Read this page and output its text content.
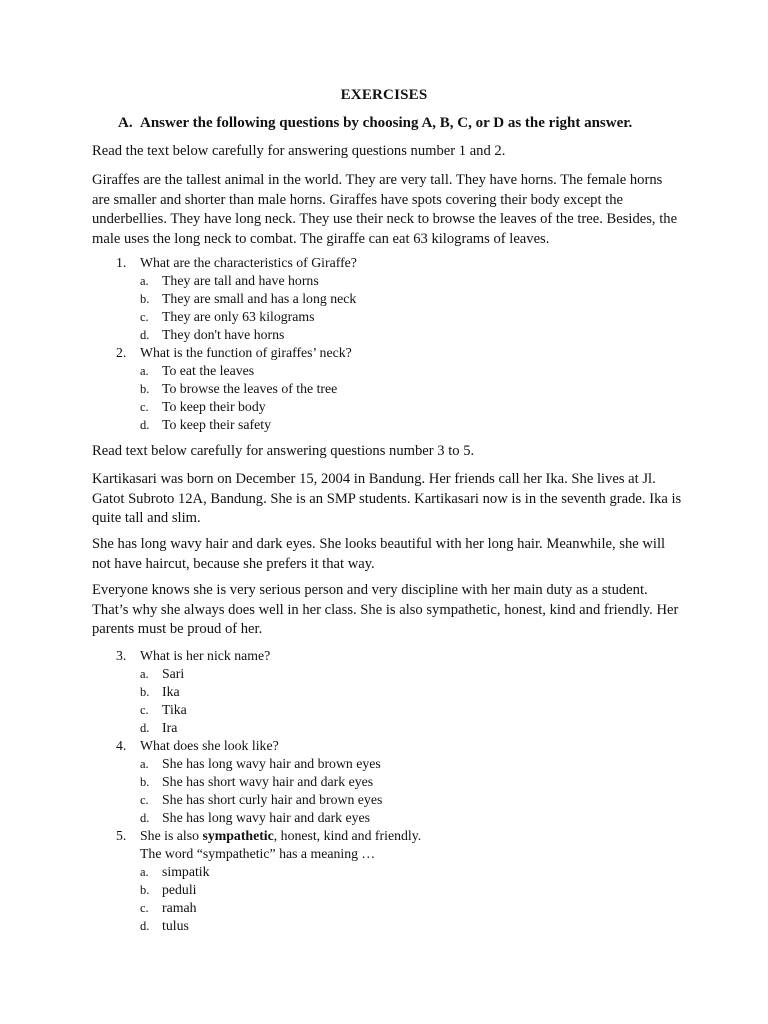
EXERCISES
A. Answer the following questions by choosing A, B, C, or D as the right answer.

Read the text below carefully for answering questions number 1 and 2.

Giraffes are the tallest animal in the world. They are very tall. They have horns. The female horns are smaller and shorter than male horns. Giraffes have spots covering their body except the underbellies. They have long neck. They use their neck to browse the leaves of the tree. Besides, the male uses the long neck to combat. The giraffe can eat 63 kilograms of leaves.

1. What are the characteristics of Giraffe?
a. They are tall and have horns
b. They are small and has a long neck
c. They are only 63 kilograms
d. They don't have horns
2. What is the function of giraffes’ neck?
a. To eat the leaves
b. To browse the leaves of the tree
c. To keep their body
d. To keep their safety

Read text below carefully for answering questions number 3 to 5.

Kartikasari was born on December 15, 2004 in Bandung. Her friends call her Ika. She lives at Jl. Gatot Subroto 12A, Bandung. She is an SMP students. Kartikasari now is in the seventh grade. Ika is quite tall and slim.

She has long wavy hair and dark eyes. She looks beautiful with her long hair. Meanwhile, she will not have haircut, because she prefers it that way.

Everyone knows she is very serious person and very discipline with her main duty as a student. That’s why she always does well in her class. She is also sympathetic, honest, kind and friendly. Her parents must be proud of her.

3. What is her nick name?
a. Sari
b. Ika
c. Tika
d. Ira
4. What does she look like?
a. She has long wavy hair and brown eyes
b. She has short wavy hair and dark eyes
c. She has short curly hair and brown eyes
d. She has long wavy hair and dark eyes
5. She is also sympathetic, honest, kind and friendly.
The word “sympathetic” has a meaning …
a. simpatik
b. peduli
c. ramah
d. tulus
